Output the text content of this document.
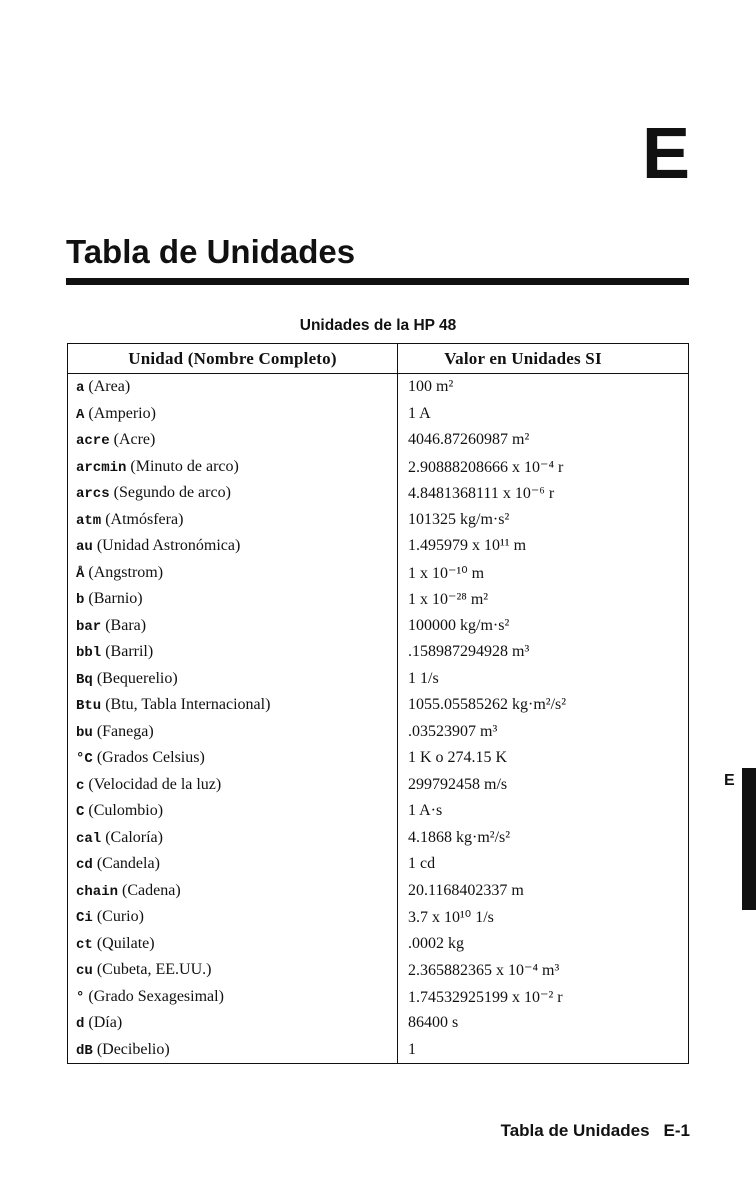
E
Tabla de Unidades
Unidades de la HP 48
Unidad (Nombre Completo)	Valor en Unidades SI
a (Area)	100 m²
A (Amperio)	1 A
acre (Acre)	4046.87260987 m²
arcmin (Minuto de arco)	2.90888208666 x 10⁻⁴ r
arcs (Segundo de arco)	4.8481368111 x 10⁻⁶ r
atm (Atmósfera)	101325 kg/m·s²
au (Unidad Astronómica)	1.495979 x 10¹¹ m
Å (Angstrom)	1 x 10⁻¹⁰ m
b (Barnio)	1 x 10⁻²⁸ m²
bar (Bara)	100000 kg/m·s²
bbl (Barril)	.158987294928 m³
Bq (Bequerelio)	1 1/s
Btu (Btu, Tabla Internacional)	1055.05585262 kg·m²/s²
bu (Fanega)	.03523907 m³
°C (Grados Celsius)	1 K o 274.15 K
c (Velocidad de la luz)	299792458 m/s
C (Culombio)	1 A·s
cal (Caloría)	4.1868 kg·m²/s²
cd (Candela)	1 cd
chain (Cadena)	20.1168402337 m
Ci (Curio)	3.7 x 10¹⁰ 1/s
ct (Quilate)	.0002 kg
cu (Cubeta, EE.UU.)	2.365882365 x 10⁻⁴ m³
° (Grado Sexagesimal)	1.74532925199 x 10⁻² r
d (Día)	86400 s
dB (Decibelio)	1
E
Tabla de Unidades E-1
